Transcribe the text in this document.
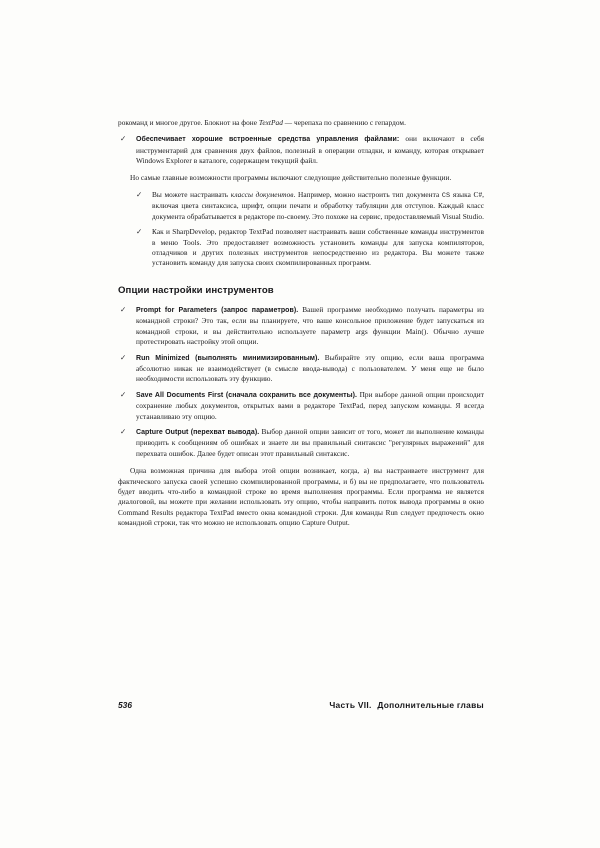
рокоманд и многое другое. Блокнот на фоне TextPad — черепаха по сравнению с гепардом.

✓	Обеспечивает хорошие встроенные средства управления файлами: они включают в себя инструментарий для сравнения двух файлов, полезный в операции отладки, и команду, которая открывает Windows Explorer в каталоге, содержащем текущий файл.

Но самые главные возможности программы включают следующие действительно полезные функции.

✓	Вы можете настраивать классы документов. Например, можно настроить тип документа CS языка C#, включая цвета синтаксиса, шрифт, опции печати и обработку табуляции для отступов. Каждый класс документа обрабатывается в редакторе по-своему. Это похоже на сервис, предоставляемый Visual Studio.
✓	Как и SharpDevelop, редактор TextPad позволяет настраивать ваши собственные команды инструментов в меню Tools. Это предоставляет возможность установить команды для запуска компиляторов, отладчиков и других полезных инструментов непосредственно из редактора. Вы можете также установить команду для запуска своих скомпилированных программ.
Опции настройки инструментов
✓	Prompt for Parameters (запрос параметров). Вашей программе необходимо получать параметры из командной строки? Это так, если вы планируете, что ваше консольное приложение будет запускаться из командной строки, и вы действительно используете параметр args функции Main(). Обычно лучше протестировать настройку этой опции.
✓	Run Minimized (выполнять минимизированным). Выбирайте эту опцию, если ваша программа абсолютно никак не взаимодействует (в смысле ввода-вывода) с пользователем. У меня еще не было необходимости использовать эту функцию.
✓	Save All Documents First (сначала сохранить все документы). При выборе данной опции происходит сохранение любых документов, открытых вами в редакторе TextPad, перед запуском команды. Я всегда устанавливаю эту опцию.
✓	Capture Output (перехват вывода). Выбор данной опции зависит от того, может ли выполнение команды приводить к сообщениям об ошибках и знаете ли вы правильный синтаксис "регулярных выражений" для перехвата ошибок. Далее будет описан этот правильный синтаксис.

Одна возможная причина для выбора этой опции возникает, когда, а) вы настраиваете инструмент для фактического запуска своей успешно скомпилированной программы, и б) вы не предполагаете, что пользователь будет вводить что-либо в командной строке во время выполнения программы. Если программа не является диалоговой, вы можете при желании использовать эту опцию, чтобы направить поток вывода программы в окно Command Results редактора TextPad вместо окна командной строки. Для команды Run следует предпочесть окно командной строки, так что можно не использовать опцию Capture Output.

536	Часть VII. Дополнительные главы
